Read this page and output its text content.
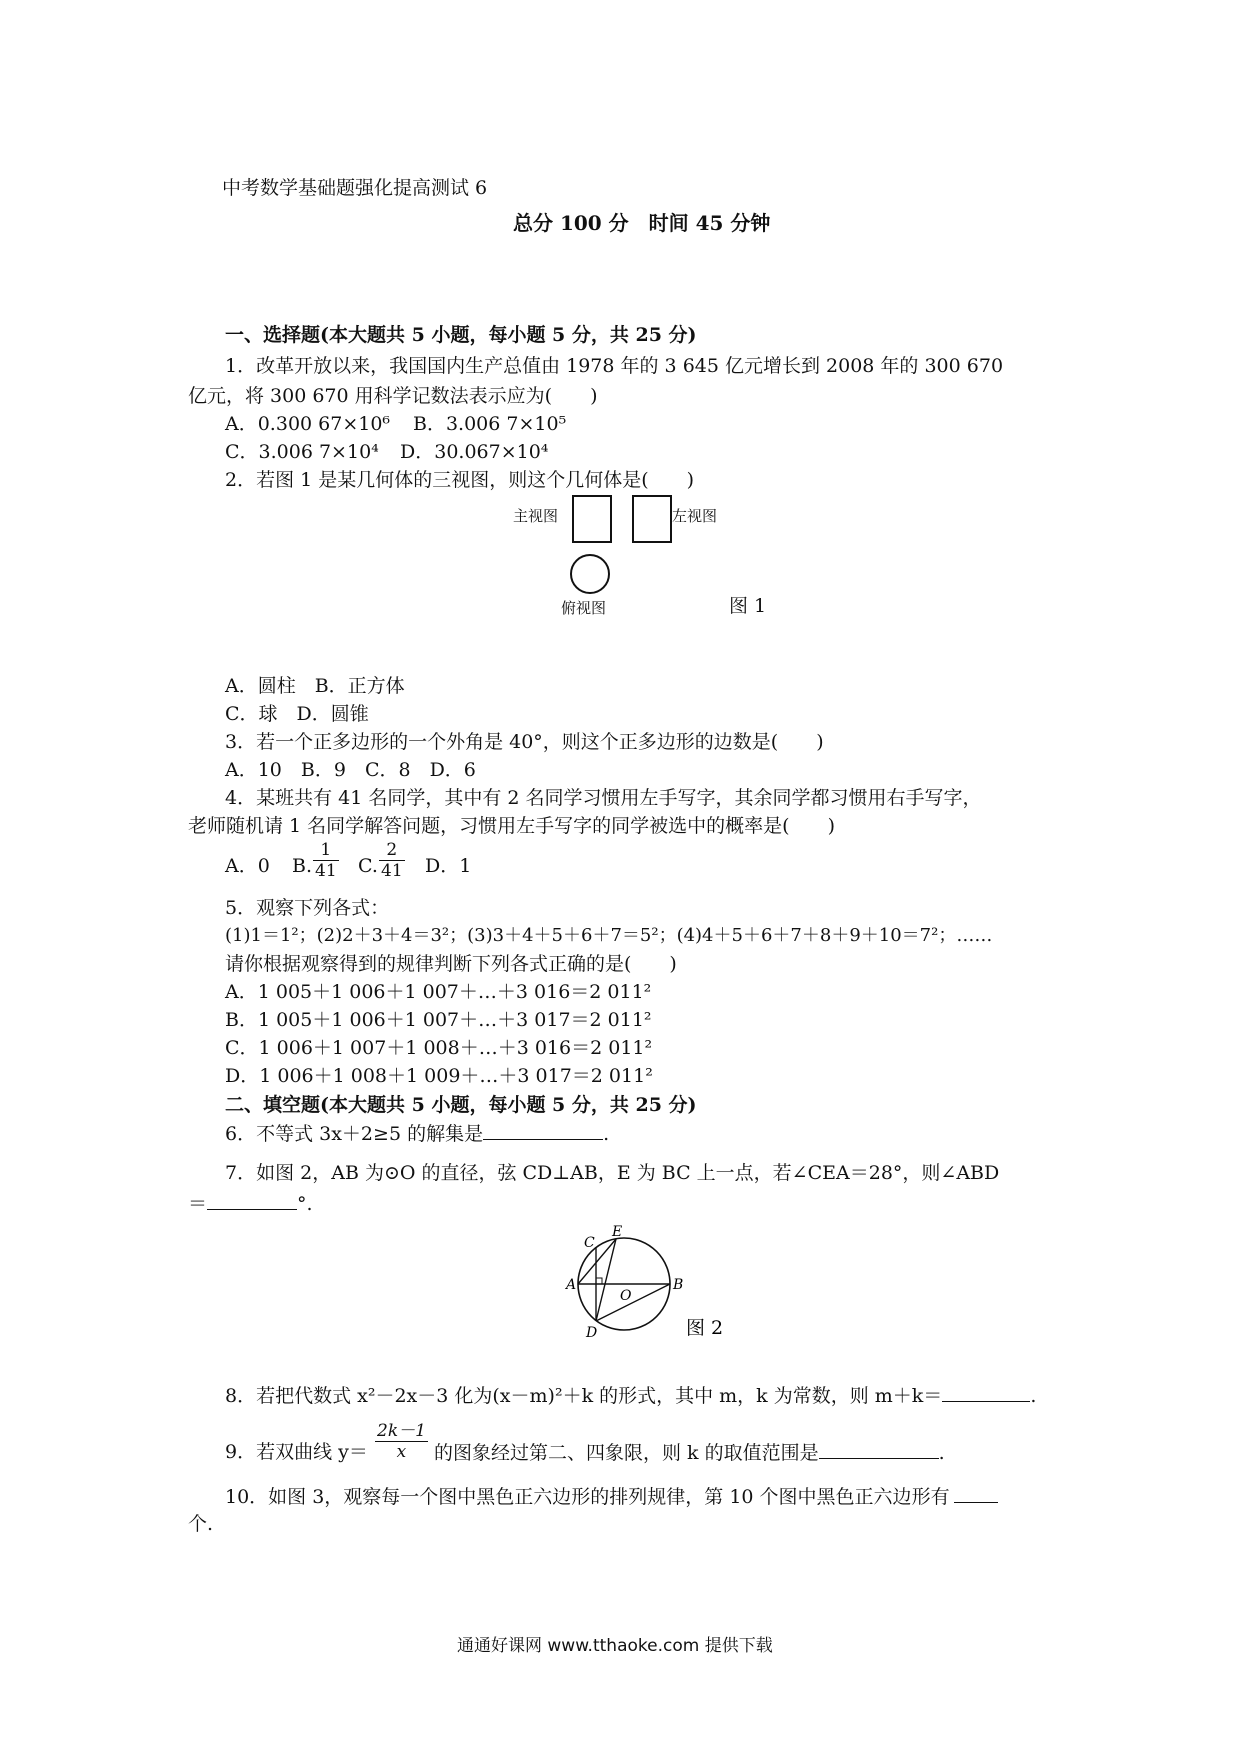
中考数学基础题强化提高测试 6
总分 100 分　时间 45 分钟
一、选择题(本大题共 5 小题，每小题 5 分，共 25 分)
1．改革开放以来，我国国内生产总值由 1978 年的 3 645 亿元增长到 2008 年的 300 670
亿元，将 300 670 用科学记数法表示应为(　　)
A．0.300 67×10⁶ B．3.006 7×10⁵
C．3.006 7×10⁴ D．30.067×10⁴
2．若图 1 是某几何体的三视图，则这个几何体是(　　)
主视图	左视图
俯视图	图 1
A．圆柱　B．正方体
C．球　D．圆锥
3．若一个正多边形的一个外角是 40°，则这个正多边形的边数是(　　)
A．10　B．9　C．8　D．6
4．某班共有 41 名同学，其中有 2 名同学习惯用左手写字，其余同学都习惯用右手写字，
老师随机请 1 名同学解答问题，习惯用左手写字的同学被选中的概率是(　　)
A．0 B. $\frac{1}{41} C$. $\frac{2}{41}$ D．1
5．观察下列各式：
(1)1＝1²；(2)2＋3＋4＝3²；(3)3＋4＋5＋6＋7＝5²；(4)4＋5＋6＋7＋8＋9＋10＝7²；……
请你根据观察得到的规律判断下列各式正确的是(　　)
A．1 005＋1 006＋1 007＋…＋3 016＝2 011²
B．1 005＋1 006＋1 007＋…＋3 017＝2 011²
C．1 006＋1 007＋1 008＋…＋3 016＝2 011²
D．1 006＋1 008＋1 009＋…＋3 017＝2 011²
二、填空题(本大题共 5 小题，每小题 5 分，共 25 分)
6．不等式 3x＋2≥5 的解集是	.
7．如图 2，AB 为⊙O 的直径，弦 CD⊥AB，E 为 BC 上一点，若∠CEA＝28°，则∠ABD
＝	°.
C
E
A
O
B
D	图 2
8．若把代数式 x²－2x－3 化为(x－m)²＋k 的形式，其中 m，k 为常数，则 m＋k＝	.
9．若双曲线 $y= \frac{2k-1}{x}$ 的图象经过第二、四象限，则 k 的取值范围是	.
10．如图 3，观察每一个图中黑色正六边形的排列规律，第 10 个图中黑色正六边形有
个.
通通好课网 www.tthaoke.com 提供下载
